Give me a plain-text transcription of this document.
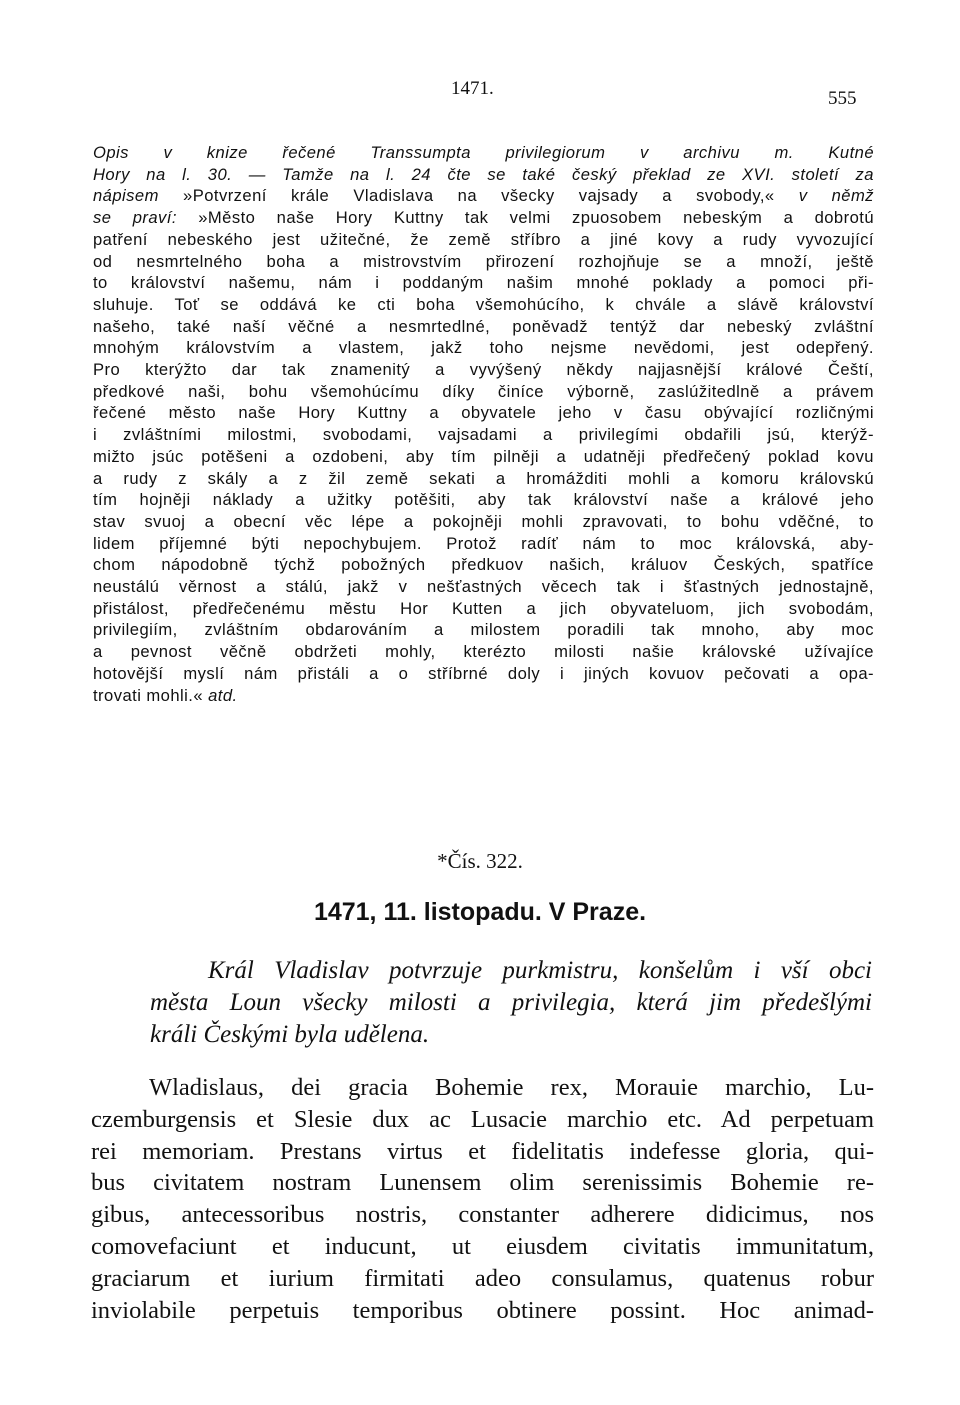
1471.	555
Opis v knize řečené Transsumpta privilegiorum v archivu m. Kutné
Hory na l. 30. — Tamže na l. 24 čte se také český překlad ze XVI. století za
nápisem »Potvrzení krále Vladislava na všecky vajsady a svobody,« v němž
se praví: »Město naše Hory Kuttny tak velmi zpuosobem nebeským a dobrotú
patření nebeského jest užitečné, že země stříbro a jiné kovy a rudy vyvozující
od nesmrtelného boha a mistrovstvím přirození rozhojňuje se a množí, ještě
to království našemu, nám i poddaným našim mnohé poklady a pomoci při-
sluhuje. Toť se oddává ke cti boha všemohúcího, k chvále a slávě království
našeho, také naší věčné a nesmrtedlné, poněvadž tentýž dar nebeský zvláštní
mnohým královstvím a vlastem, jakž toho nejsme nevědomi, jest odepřený.
Pro kterýžto dar tak znamenitý a vyvýšený někdy najjasnější králové Čeští,
předkové naši, bohu všemohúcímu díky činíce výborně, zaslúžitedlně a právem
řečené město naše Hory Kuttny a obyvatele jeho v času obývající rozličnými
i zvláštními milostmi, svobodami, vajsadami a privilegími obdařili jsú, kterýž-
mižto jsúc potěšeni a ozdobeni, aby tím pilněji a udatněji předřečený poklad kovu
a rudy z skály a z žil země sekati a hromážditi mohli a komoru královskú
tím hojněji náklady a užitky potěšiti, aby tak království naše a králové jeho
stav svuoj a obecní věc lépe a pokojněji mohli zpravovati, to bohu vděčné, to
lidem příjemné býti nepochybujem. Protož radíť nám to moc královská, aby-
chom nápodobně týchž pobožných předkuov našich, králuov Českých, spatříce
neustálú věrnost a stálú, jakž v nešťastných věcech tak i šťastných jednostajně,
přistálost, předřečenému městu Hor Kutten a jich obyvateluom, jich svobodám,
privilegiím, zvláštním obdarováním a milostem poradili tak mnoho, aby moc
a pevnost věčně obdržeti mohly, kterézto milosti našie královské užívajíce
hotovější myslí nám přistáli a o stříbrné doly i jiných kovuov pečovati a opa-
trovati mohli.« atd.
*Čís. 322.
1471, 11. listopadu. V Praze.
Král Vladislav potvrzuje purkmistru, konšelům i vší obci
města Loun všecky milosti a privilegia, která jim předešlými
králi Českými byla udělena.
Wladislaus, dei gracia Bohemie rex, Morauie marchio, Lu-
czemburgensis et Slesie dux ac Lusacie marchio etc. Ad perpetuam
rei memoriam. Prestans virtus et fidelitatis indefesse gloria, qui-
bus civitatem nostram Lunensem olim serenissimis Bohemie re-
gibus, antecessoribus nostris, constanter adherere didicimus, nos
comovefaciunt et inducunt, ut eiusdem civitatis immunitatum,
graciarum et iurium firmitati adeo consulamus, quatenus robur
inviolabile perpetuis temporibus obtinere possint. Hoc animad-
